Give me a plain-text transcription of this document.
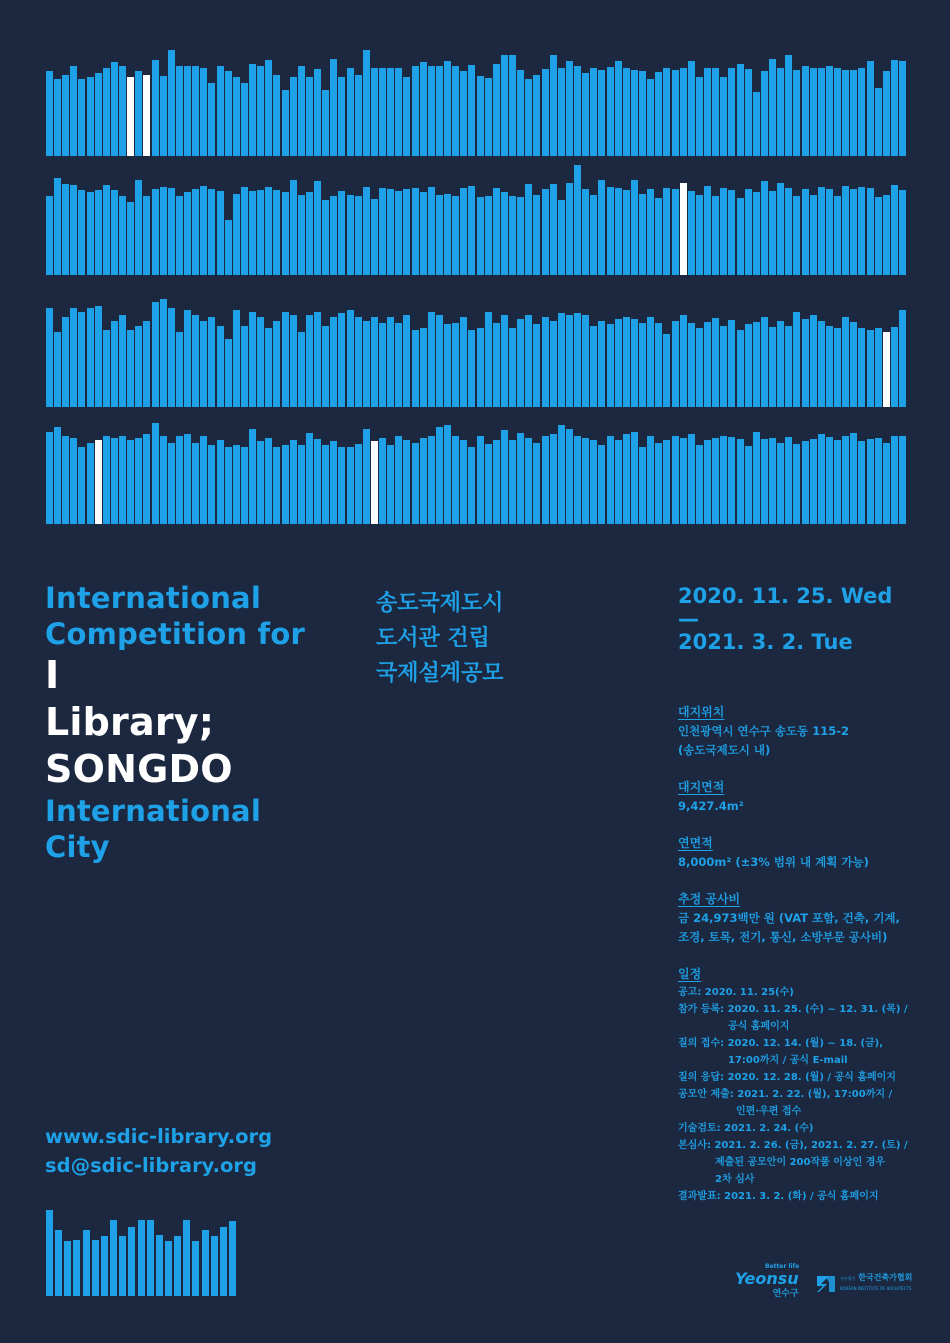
International
Competition for
I
Library;
SONGDO
International
City
송도국제도시
도서관 건립
국제설계공모
2020. 11. 25. Wed
—
2021. 3. 2. Tue
대지위치
인천광역시 연수구 송도동 115-2
(송도국제도시 내)
대지면적
9,427.4m²
연면적
8,000m² (±3% 범위 내 계획 가능)
추정 공사비
금 24,973백만 원 (VAT 포함, 건축, 기계,
조경, 토목, 전기, 통신, 소방부문 공사비)
일정
공고: 2020. 11. 25(수)
참가 등록: 2020. 11. 25. (수) ~ 12. 31. (목) /
공식 홈페이지
질의 접수: 2020. 12. 14. (월) ~ 18. (금),
17:00까지 / 공식 E-mail
질의 응답: 2020. 12. 28. (월) / 공식 홈페이지
공모안 제출: 2021. 2. 22. (월), 17:00까지 /
인편·우편 접수
기술검토: 2021. 2. 24. (수)
본심사: 2021. 2. 26. (금), 2021. 2. 27. (토) /
제출된 공모안이 200작품 이상인 경우
2차 심사
결과발표: 2021. 3. 2. (화) / 공식 홈페이지
www.sdic-library.org
sd@sdic-library.org
Better life
Yeonsu
연수구
사단법인 한국건축가협회
KOREAN INSTITUTE OF ARCHITECTS
